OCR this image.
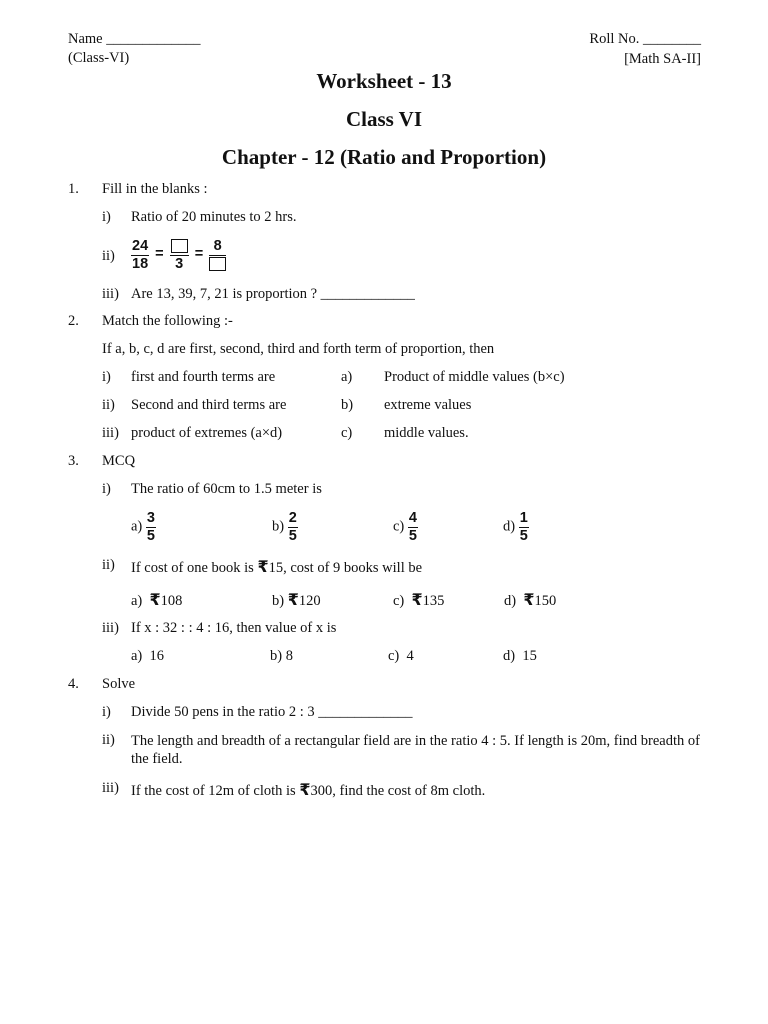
Name _____________
(Class-VI)
Roll No. ________
[Math SA-II]
Worksheet - 13
Class VI
Chapter - 12 (Ratio and Proportion)
1. Fill in the blanks :
i) Ratio of 20 minutes to 2 hrs.
$ii) \frac{24}{18}$ =
3
=
8
iii) Are 13, 39, 7, 21 is proportion ? _____________
2. Match the following :-
If a, b, c, d are first, second, third and forth term of proportion, then
i) first and fourth terms are	a) Product of middle values (b×c)
ii) Second and third terms are	b) extreme values
iii) product of extremes (a×d)	c) middle values.
3. MCQ
i) The ratio of 60cm to 1.5 meter is
$a) \frac{3}{5}$	$b) \frac{2}{5}$	$c) \frac{4}{5}$	$d) \frac{1}{5}$
ii) If cost of one book is ₹15, cost of 9 books will be
a) ₹108	b) ₹120	c) ₹135	d) ₹150
iii) If x : 32 : : 4 : 16, then value of x is
a) 16	b) 8	c) 4	d) 15
4. Solve
i) Divide 50 pens in the ratio 2 : 3 _____________
ii) The length and breadth of a rectangular field are in the ratio 4 : 5. If length is 20m, find breadth of the field.
iii) If the cost of 12m of cloth is ₹300, find the cost of 8m cloth.
